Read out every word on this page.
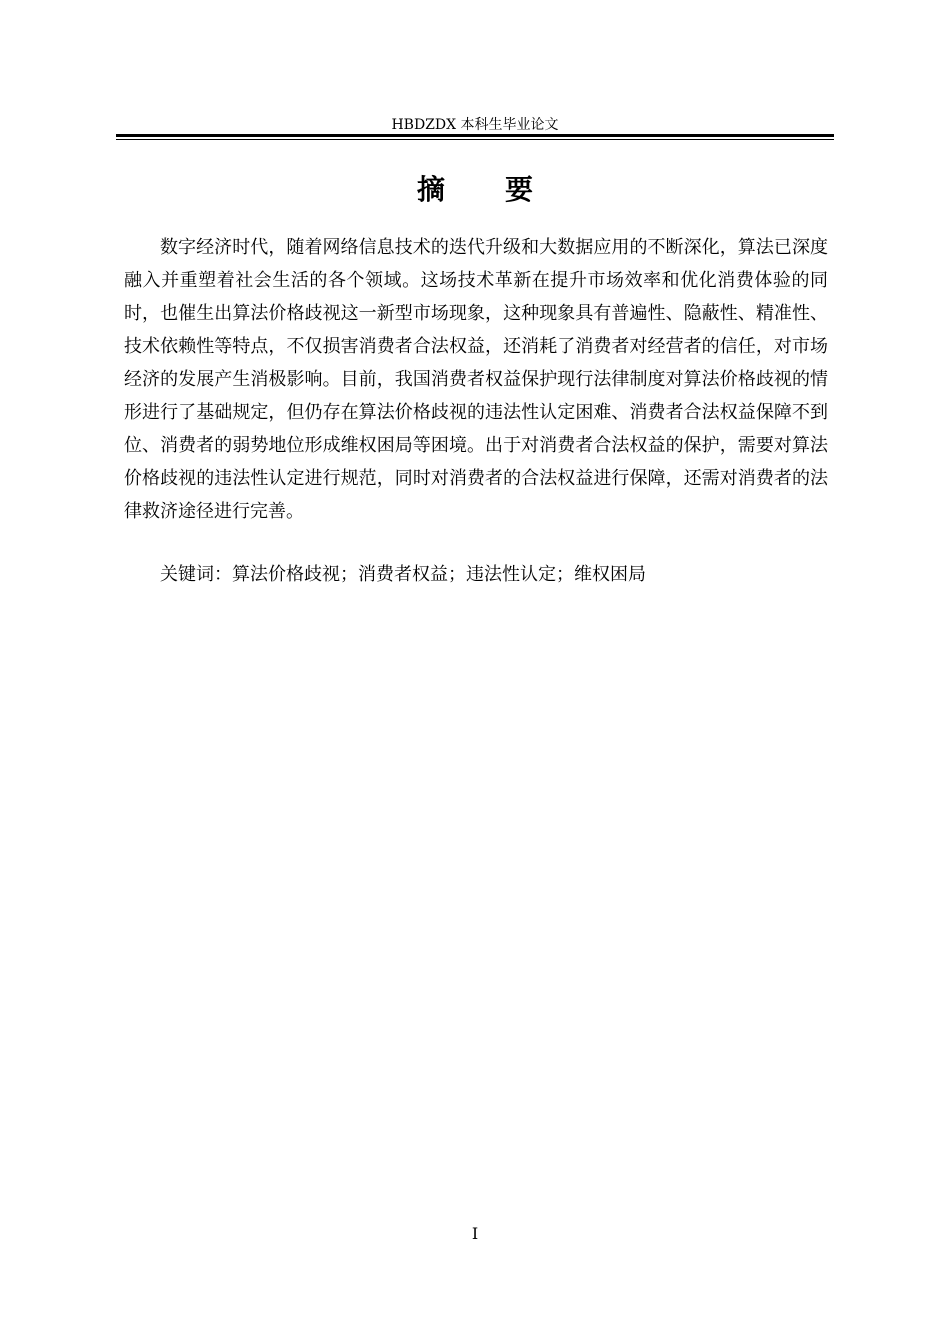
HBDZDX 本科生毕业论文
摘要

数字经济时代，随着网络信息技术的迭代升级和大数据应用的不断深化，算法已深度融入并重塑着社会生活的各个领域。这场技术革新在提升市场效率和优化消费体验的同时，也催生出算法价格歧视这一新型市场现象，这种现象具有普遍性、隐蔽性、精准性、技术依赖性等特点，不仅损害消费者合法权益，还消耗了消费者对经营者的信任，对市场经济的发展产生消极影响。目前，我国消费者权益保护现行法律制度对算法价格歧视的情形进行了基础规定，但仍存在算法价格歧视的违法性认定困难、消费者合法权益保障不到位、消费者的弱势地位形成维权困局等困境。出于对消费者合法权益的保护，需要对算法价格歧视的违法性认定进行规范，同时对消费者的合法权益进行保障，还需对消费者的法律救济途径进行完善。

关键词：算法价格歧视；消费者权益；违法性认定；维权困局

I
